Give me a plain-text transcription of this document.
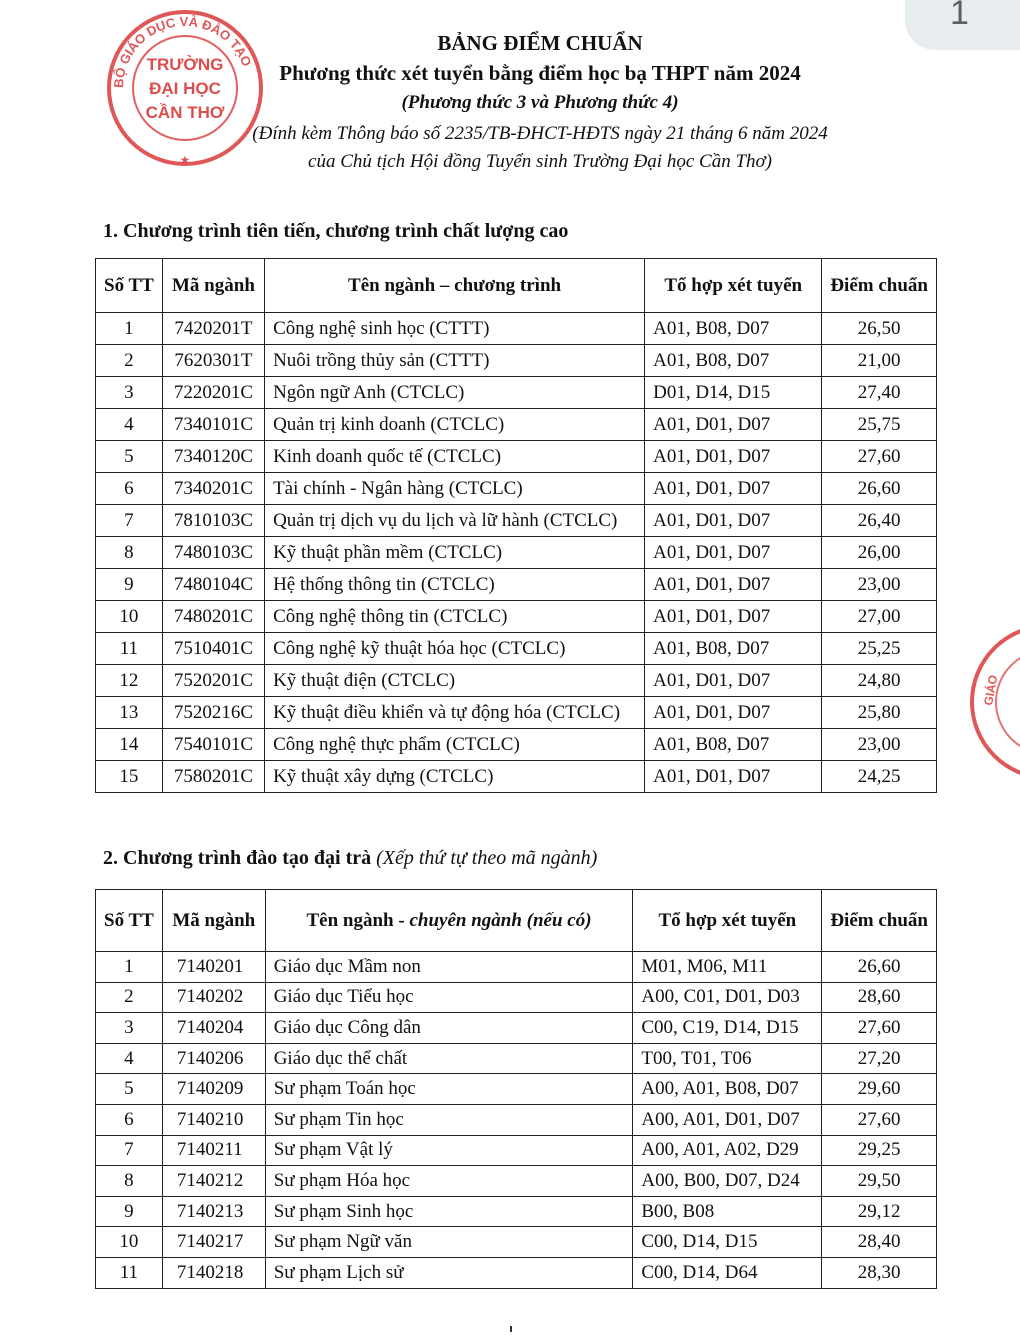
1
BỘ GIÁO DỤC VÀ ĐÀO TẠO
TRƯỜNG
ĐẠI HỌC
CẦN THƠ
★
GIÁO
BẢNG ĐIỂM CHUẨN
Phương thức xét tuyển bằng điểm học bạ THPT năm 2024
(Phương thức 3 và Phương thức 4)
(Đính kèm Thông báo số 2235/TB-ĐHCT-HĐTS ngày 21 tháng 6 năm 2024
của Chủ tịch Hội đồng Tuyển sinh Trường Đại học Cần Thơ)
1. Chương trình tiên tiến, chương trình chất lượng cao
Số TT	Mã ngành	Tên ngành – chương trình	Tổ hợp xét tuyển	Điểm chuẩn
1	7420201T	Công nghệ sinh học (CTTT)	A01, B08, D07	26,50
2	7620301T	Nuôi trồng thủy sản (CTTT)	A01, B08, D07	21,00
3	7220201C	Ngôn ngữ Anh (CTCLC)	D01, D14, D15	27,40
4	7340101C	Quản trị kinh doanh (CTCLC)	A01, D01, D07	25,75
5	7340120C	Kinh doanh quốc tế (CTCLC)	A01, D01, D07	27,60
6	7340201C	Tài chính - Ngân hàng (CTCLC)	A01, D01, D07	26,60
7	7810103C	Quản trị dịch vụ du lịch và lữ hành (CTCLC)	A01, D01, D07	26,40
8	7480103C	Kỹ thuật phần mềm (CTCLC)	A01, D01, D07	26,00
9	7480104C	Hệ thống thông tin (CTCLC)	A01, D01, D07	23,00
10	7480201C	Công nghệ thông tin (CTCLC)	A01, D01, D07	27,00
11	7510401C	Công nghệ kỹ thuật hóa học (CTCLC)	A01, B08, D07	25,25
12	7520201C	Kỹ thuật điện (CTCLC)	A01, D01, D07	24,80
13	7520216C	Kỹ thuật điều khiển và tự động hóa (CTCLC)	A01, D01, D07	25,80
14	7540101C	Công nghệ thực phẩm (CTCLC)	A01, B08, D07	23,00
15	7580201C	Kỹ thuật xây dựng (CTCLC)	A01, D01, D07	24,25
2. Chương trình đào tạo đại trà (Xếp thứ tự theo mã ngành)
Số TT	Mã ngành	Tên ngành - chuyên ngành (nếu có)	Tổ hợp xét tuyển	Điểm chuẩn
1	7140201	Giáo dục Mầm non	M01, M06, M11	26,60
2	7140202	Giáo dục Tiểu học	A00, C01, D01, D03	28,60
3	7140204	Giáo dục Công dân	C00, C19, D14, D15	27,60
4	7140206	Giáo dục thể chất	T00, T01, T06	27,20
5	7140209	Sư phạm Toán học	A00, A01, B08, D07	29,60
6	7140210	Sư phạm Tin học	A00, A01, D01, D07	27,60
7	7140211	Sư phạm Vật lý	A00, A01, A02, D29	29,25
8	7140212	Sư phạm Hóa học	A00, B00, D07, D24	29,50
9	7140213	Sư phạm Sinh học	B00, B08	29,12
10	7140217	Sư phạm Ngữ văn	C00, D14, D15	28,40
11	7140218	Sư phạm Lịch sử	C00, D14, D64	28,30
